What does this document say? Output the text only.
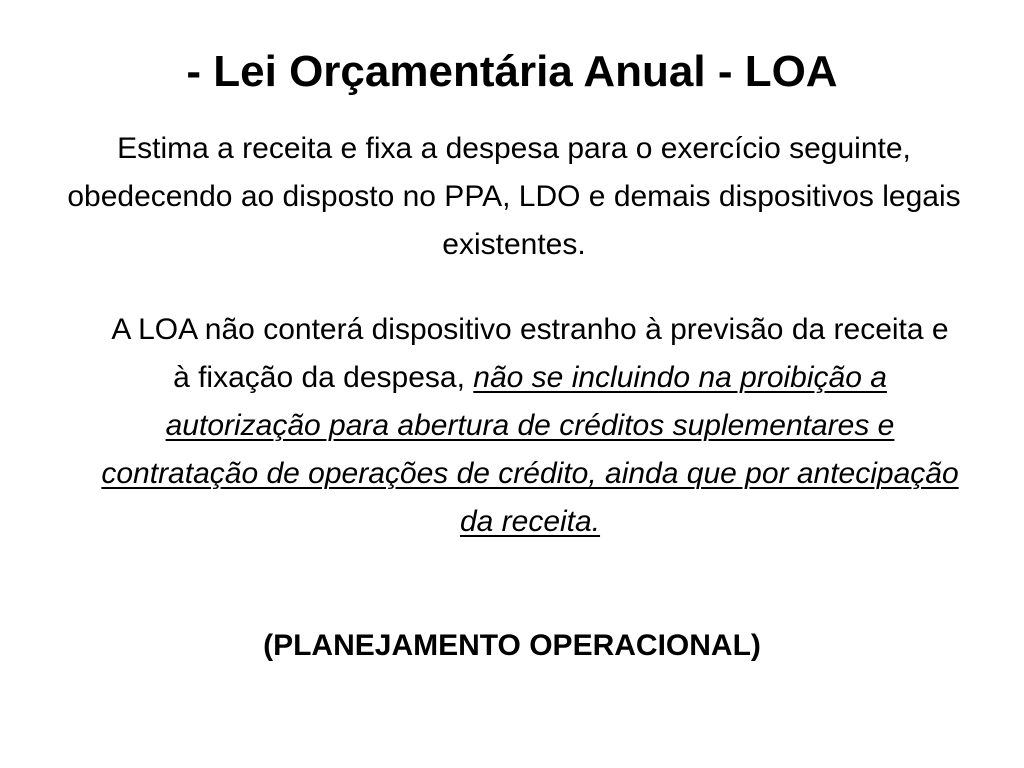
- Lei Orçamentária Anual - LOA

Estima a receita e fixa a despesa para o exercício seguinte, obedecendo ao disposto no PPA, LDO e demais dispositivos legais existentes.

A LOA não conterá dispositivo estranho à previsão da receita e à fixação da despesa, não se incluindo na proibição a autorização para abertura de créditos suplementares e contratação de operações de crédito, ainda que por antecipação da receita.

(PLANEJAMENTO OPERACIONAL)
